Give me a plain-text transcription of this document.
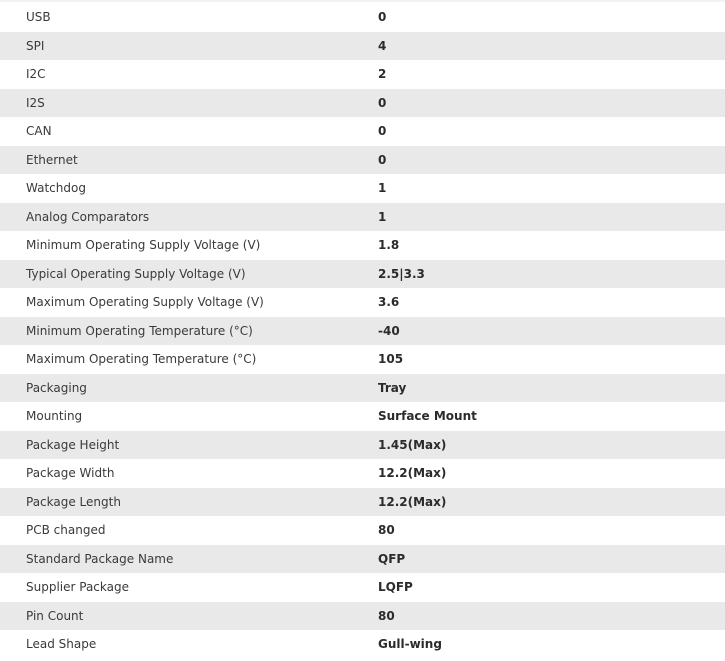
USB	0
SPI	4
I2C	2
I2S	0
CAN	0
Ethernet	0
Watchdog	1
Analog Comparators	1
Minimum Operating Supply Voltage (V)	1.8
Typical Operating Supply Voltage (V)	2.5|3.3
Maximum Operating Supply Voltage (V)	3.6
Minimum Operating Temperature (°C)	-40
Maximum Operating Temperature (°C)	105
Packaging	Tray
Mounting	Surface Mount
Package Height	1.45(Max)
Package Width	12.2(Max)
Package Length	12.2(Max)
PCB changed	80
Standard Package Name	QFP
Supplier Package	LQFP
Pin Count	80
Lead Shape	Gull-wing
